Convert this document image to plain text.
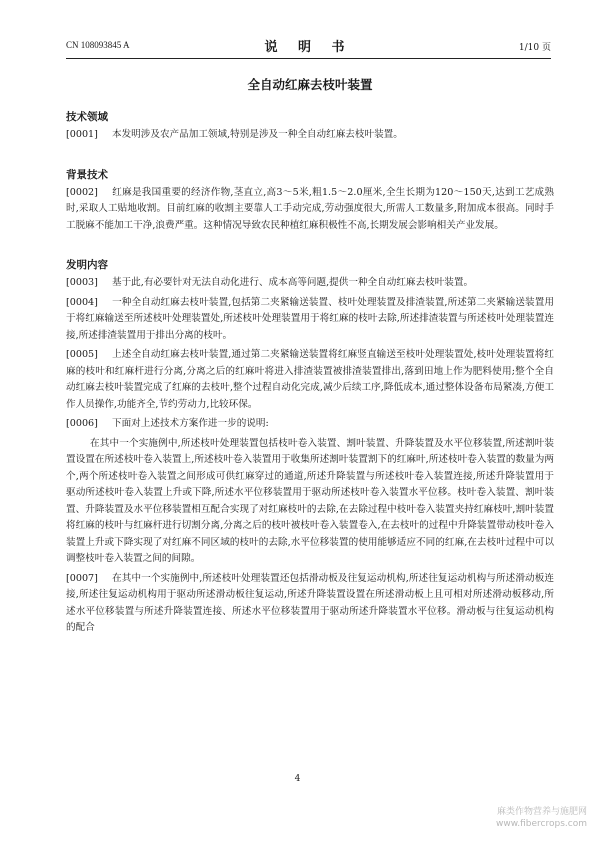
CN 108093845 A	说 明 书	1/10 页
全自动红麻去枝叶装置
技术领域
[0001] 本发明涉及农产品加工领域,特别是涉及一种全自动红麻去枝叶装置。
背景技术
[0002] 红麻是我国重要的经济作物,茎直立,高3～5米,粗1.5～2.0厘米,全生长期为120～150天,达到工艺成熟时,采取人工贴地收割。目前红麻的收割主要靠人工手动完成,劳动强度很大,所需人工数量多,附加成本很高。同时手工脱麻不能加工干净,浪费严重。这种情况导致农民种植红麻积极性不高,长期发展会影响相关产业发展。
发明内容
[0003] 基于此,有必要针对无法自动化进行、成本高等问题,提供一种全自动红麻去枝叶装置。
[0004] 一种全自动红麻去枝叶装置,包括第二夹紧输送装置、枝叶处理装置及排渣装置,所述第二夹紧输送装置用于将红麻输送至所述枝叶处理装置处,所述枝叶处理装置用于将红麻的枝叶去除,所述排渣装置与所述枝叶处理装置连接,所述排渣装置用于排出分离的枝叶。
[0005] 上述全自动红麻去枝叶装置,通过第二夹紧输送装置将红麻竖直输送至枝叶处理装置处,枝叶处理装置将红麻的枝叶和红麻杆进行分离,分离之后的红麻叶将进入排渣装置被排渣装置排出,落到田地上作为肥料使用;整个全自动红麻去枝叶装置完成了红麻的去枝叶,整个过程自动化完成,减少后续工序,降低成本,通过整体设备布局紧凑,方便工作人员操作,功能齐全,节约劳动力,比较环保。
[0006] 下面对上述技术方案作进一步的说明:
在其中一个实施例中,所述枝叶处理装置包括枝叶卷入装置、割叶装置、升降装置及水平位移装置,所述割叶装置设置在所述枝叶卷入装置上,所述枝叶卷入装置用于收集所述割叶装置割下的红麻叶,所述枝叶卷入装置的数量为两个,两个所述枝叶卷入装置之间形成可供红麻穿过的通道,所述升降装置与所述枝叶卷入装置连接,所述升降装置用于驱动所述枝叶卷入装置上升或下降,所述水平位移装置用于驱动所述枝叶卷入装置水平位移。枝叶卷入装置、割叶装置、升降装置及水平位移装置相互配合实现了对红麻枝叶的去除,在去除过程中枝叶卷入装置夹持红麻枝叶,割叶装置将红麻的枝叶与红麻杆进行切割分离,分离之后的枝叶被枝叶卷入装置卷入,在去枝叶的过程中升降装置带动枝叶卷入装置上升或下降实现了对红麻不同区域的枝叶的去除,水平位移装置的使用能够适应不同的红麻,在去枝叶过程中可以调整枝叶卷入装置之间的间隙。
[0007] 在其中一个实施例中,所述枝叶处理装置还包括滑动板及往复运动机构,所述往复运动机构与所述滑动板连接,所述往复运动机构用于驱动所述滑动板往复运动,所述升降装置设置在所述滑动板上且可相对所述滑动板移动,所述水平位移装置与所述升降装置连接、所述水平位移装置用于驱动所述升降装置水平位移。滑动板与往复运动机构的配合
4
麻类作物营养与施肥网
www.fibercrops.com
